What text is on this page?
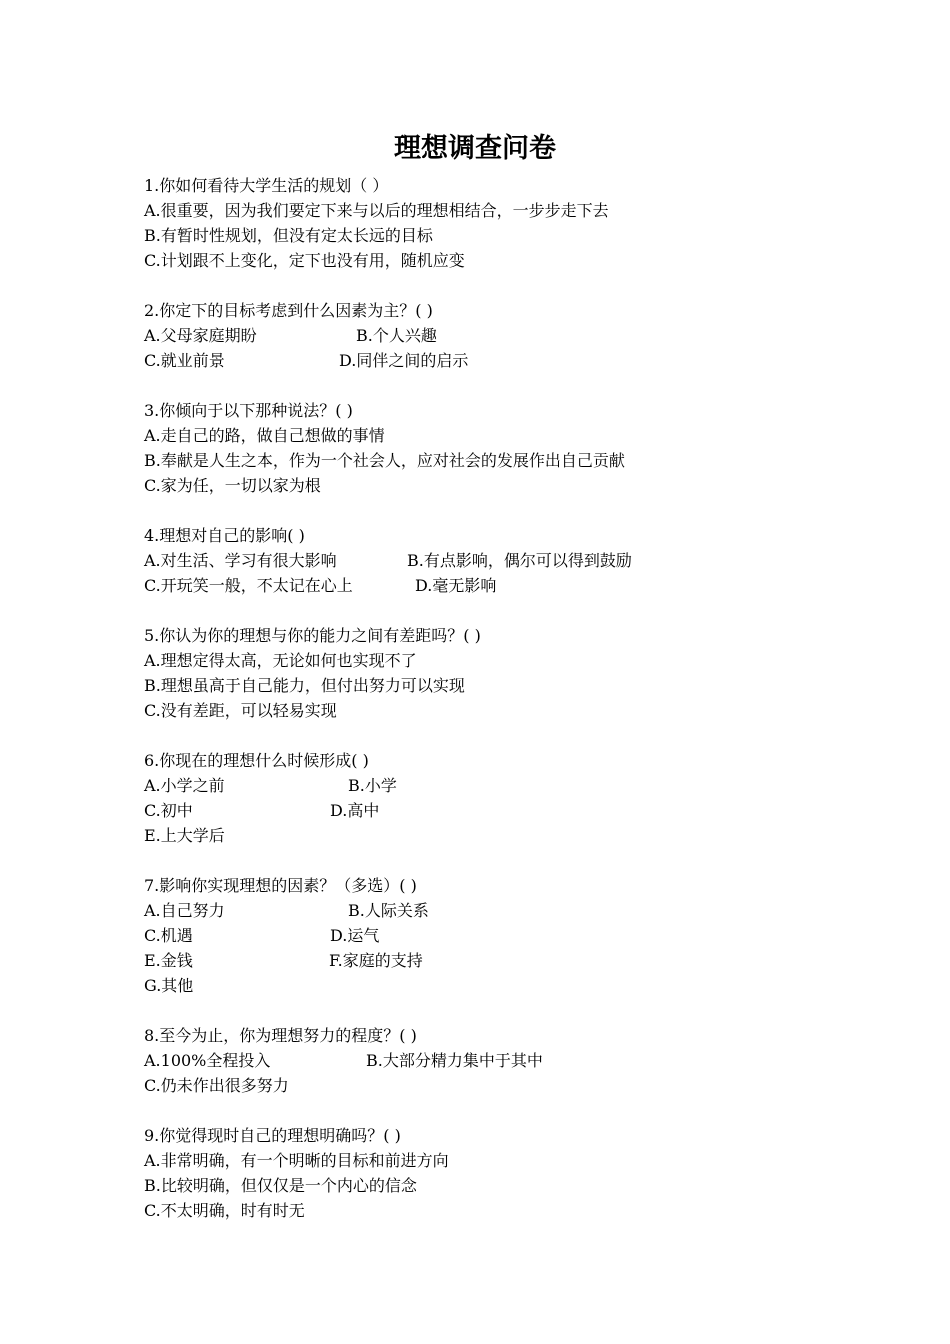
理想调查问卷
1.你如何看待大学生活的规划（ ）
A.很重要，因为我们要定下来与以后的理想相结合，一步步走下去
B.有暂时性规划，但没有定太长远的目标
C.计划跟不上变化，定下也没有用，随机应变
2.你定下的目标考虑到什么因素为主？( )
A.父母家庭期盼	B.个人兴趣
C.就业前景	D.同伴之间的启示
3.你倾向于以下那种说法？( )
A.走自己的路，做自己想做的事情
B.奉献是人生之本，作为一个社会人，应对社会的发展作出自己贡献
C.家为任，一切以家为根
4.理想对自己的影响( )
A.对生活、学习有很大影响	B.有点影响，偶尔可以得到鼓励
C.开玩笑一般，不太记在心上	D.毫无影响
5.你认为你的理想与你的能力之间有差距吗？( )
A.理想定得太高，无论如何也实现不了
B.理想虽高于自己能力，但付出努力可以实现
C.没有差距，可以轻易实现
6.你现在的理想什么时候形成( )
A.小学之前	B.小学
C.初中	D.高中
E.上大学后
7.影响你实现理想的因素？（多选）( )
A.自己努力	B.人际关系
C.机遇	D.运气
E.金钱	F.家庭的支持
G.其他
8.至今为止，你为理想努力的程度？( )
A.100%全程投入	B.大部分精力集中于其中
C.仍未作出很多努力
9.你觉得现时自己的理想明确吗？( )
A.非常明确，有一个明晰的目标和前进方向
B.比较明确，但仅仅是一个内心的信念
C.不太明确，时有时无
